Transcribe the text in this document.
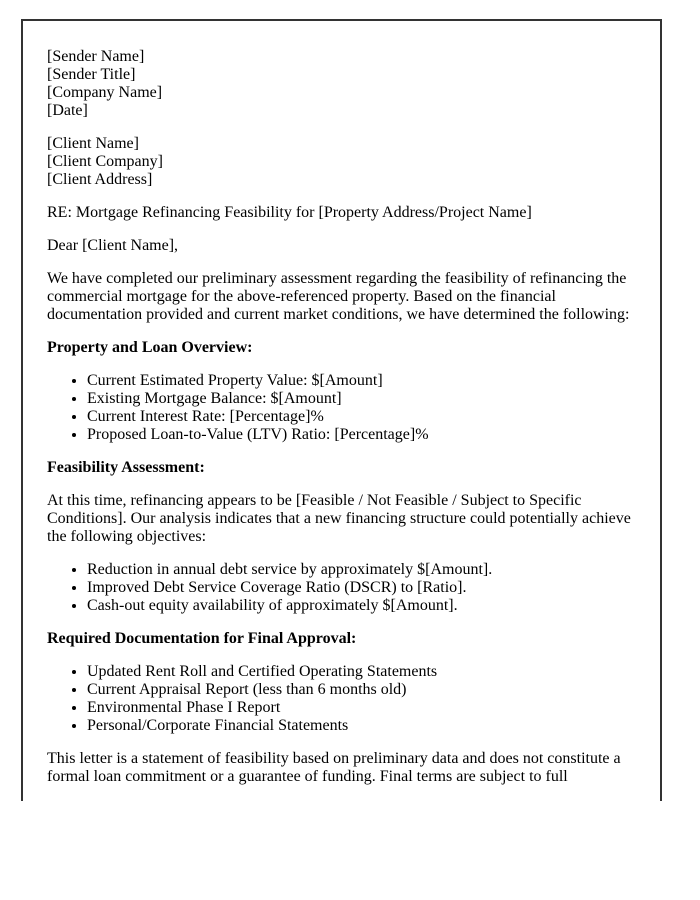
[Sender Name]
[Sender Title]
[Company Name]
[Date]

[Client Name]
[Client Company]
[Client Address]

RE: Mortgage Refinancing Feasibility for [Property Address/Project Name]

Dear [Client Name],

We have completed our preliminary assessment regarding the feasibility of refinancing the commercial mortgage for the above-referenced property. Based on the financial documentation provided and current market conditions, we have determined the following:

Property and Loan Overview:

• Current Estimated Property Value: $[Amount]
• Existing Mortgage Balance: $[Amount]
• Current Interest Rate: [Percentage]%
• Proposed Loan-to-Value (LTV) Ratio: [Percentage]%

Feasibility Assessment:

At this time, refinancing appears to be [Feasible / Not Feasible / Subject to Specific Conditions]. Our analysis indicates that a new financing structure could potentially achieve the following objectives:

• Reduction in annual debt service by approximately $[Amount].
• Improved Debt Service Coverage Ratio (DSCR) to [Ratio].
• Cash-out equity availability of approximately $[Amount].

Required Documentation for Final Approval:

• Updated Rent Roll and Certified Operating Statements
• Current Appraisal Report (less than 6 months old)
• Environmental Phase I Report
• Personal/Corporate Financial Statements

This letter is a statement of feasibility based on preliminary data and does not constitute a formal loan commitment or a guarantee of funding. Final terms are subject to full
